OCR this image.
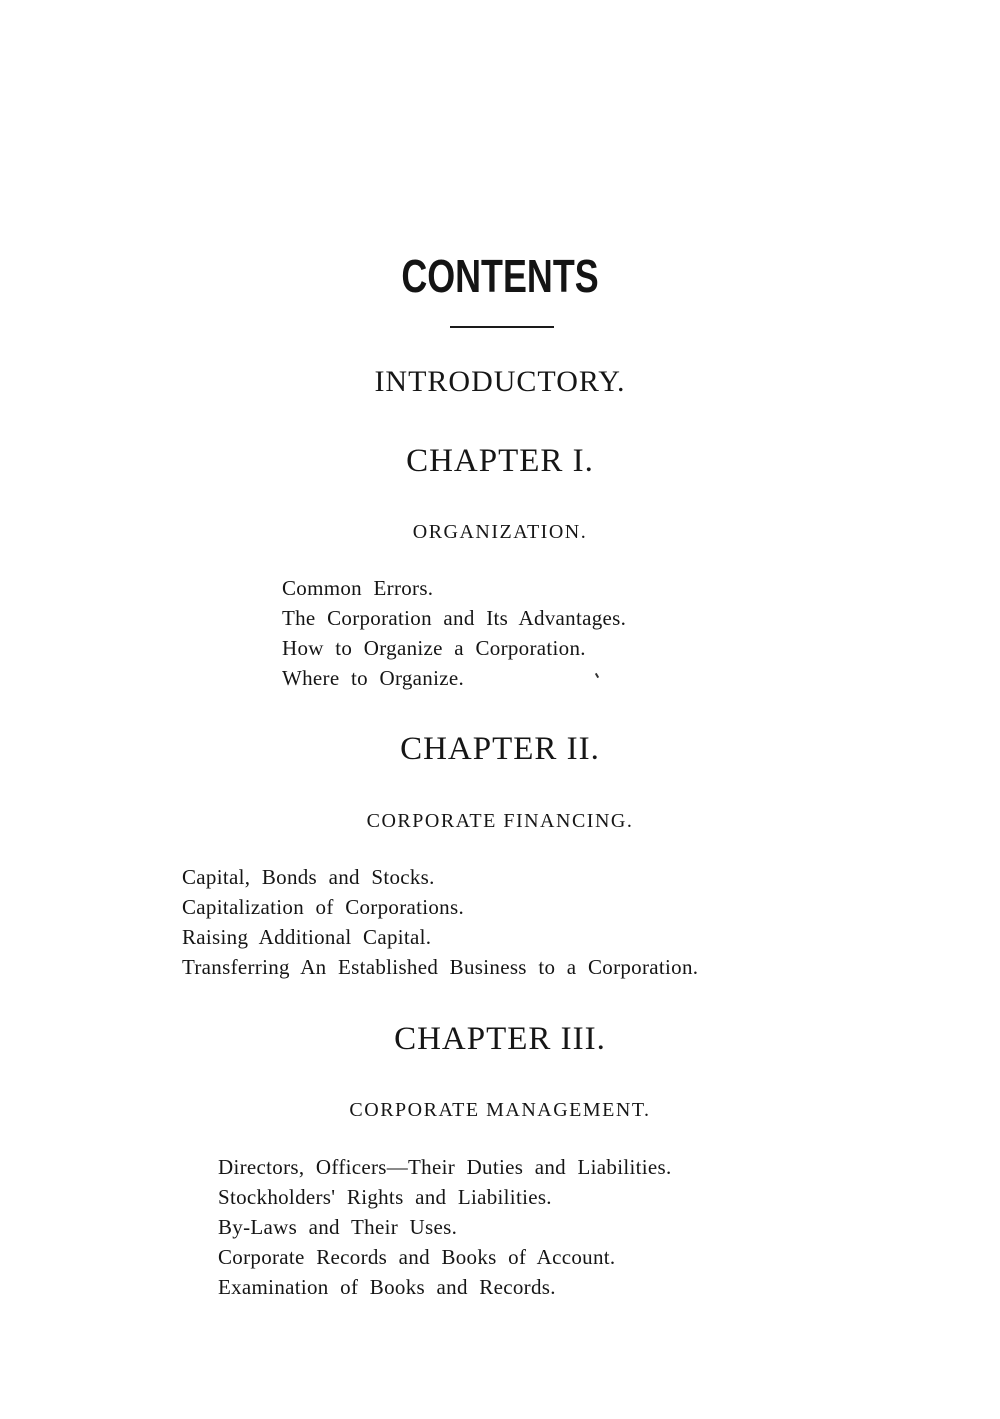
CONTENTS
INTRODUCTORY.
CHAPTER I.
ORGANIZATION.
Common Errors.
The Corporation and Its Advantages.
How to Organize a Corporation.
Where to Organize.
CHAPTER II.
CORPORATE FINANCING.
Capital, Bonds and Stocks.
Capitalization of Corporations.
Raising Additional Capital.
Transferring An Established Business to a Corporation.
CHAPTER III.
CORPORATE MANAGEMENT.
Directors, Officers—Their Duties and Liabilities.
Stockholders' Rights and Liabilities.
By-Laws and Their Uses.
Corporate Records and Books of Account.
Examination of Books and Records.
